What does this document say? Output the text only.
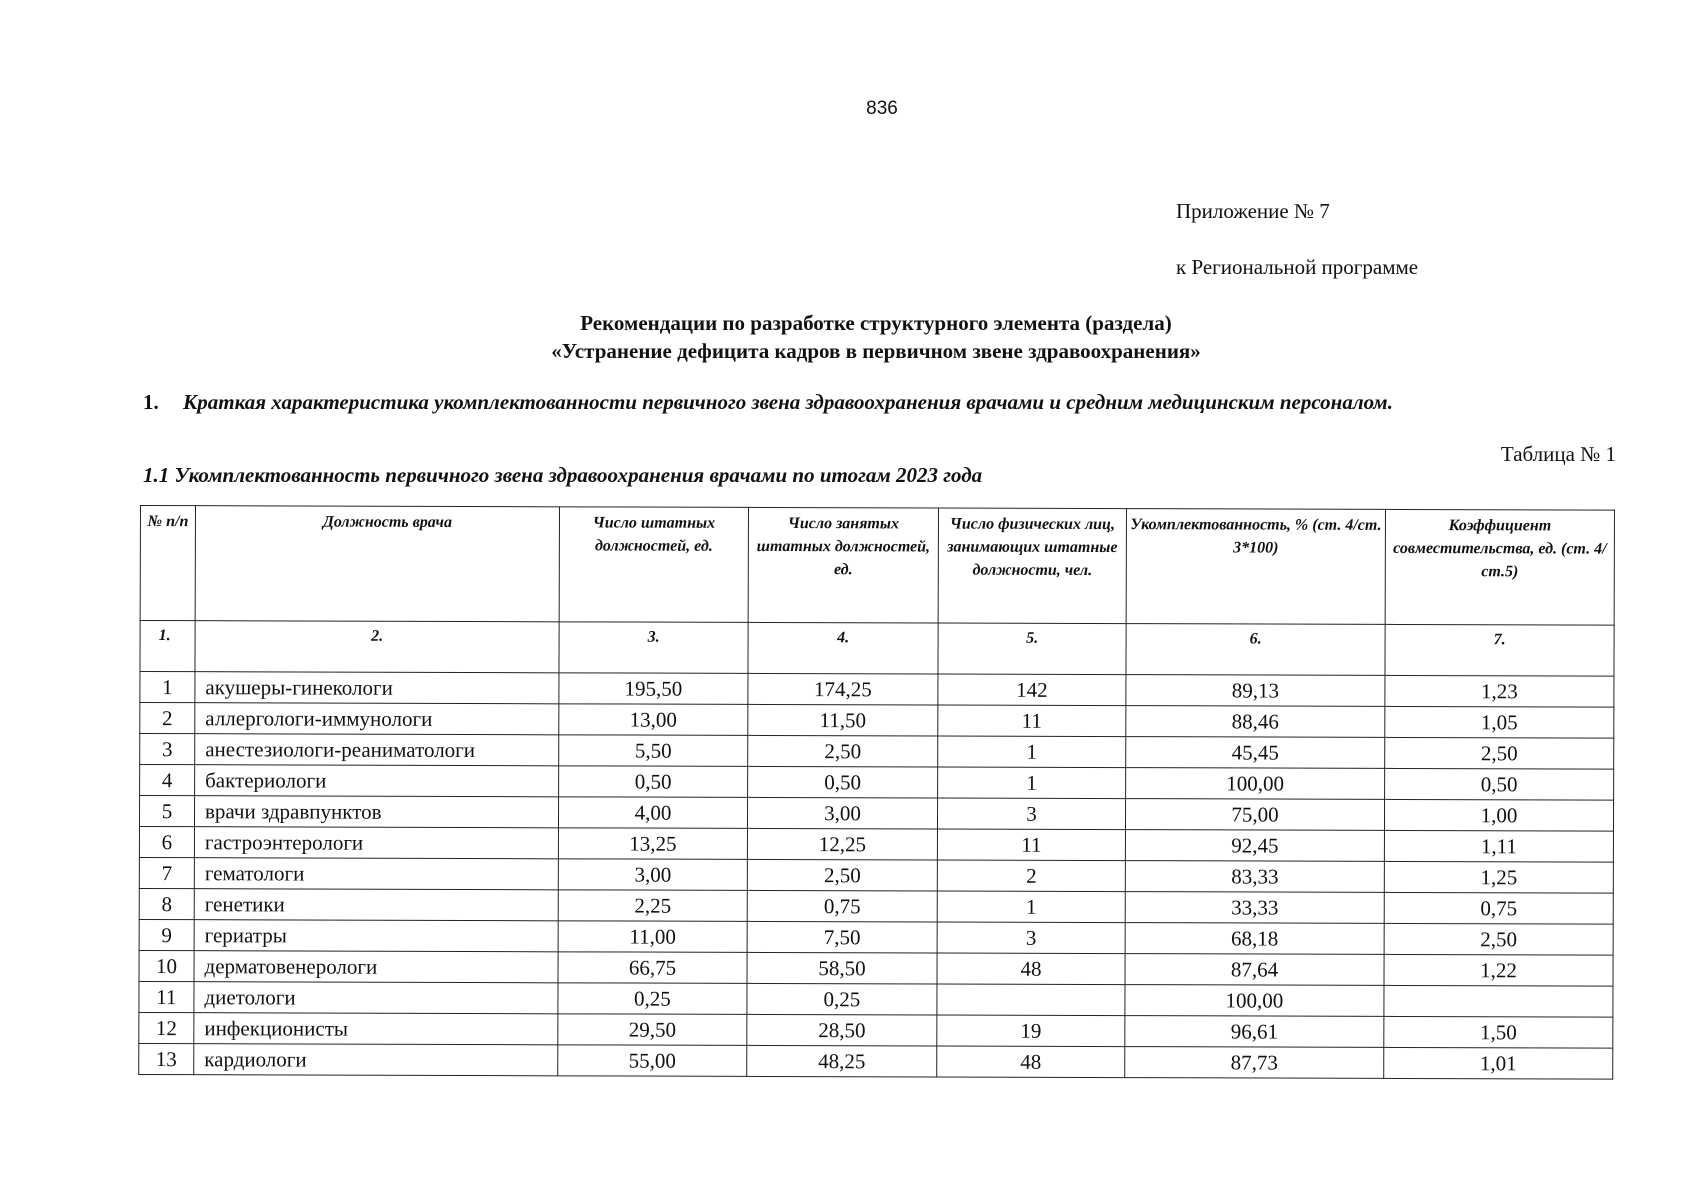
836
Приложение № 7
к Региональной программе
Рекомендации по разработке структурного элемента (раздела)
«Устранение дефицита кадров в первичном звене здравоохранения»
1. Краткая характеристика укомплектованности первичного звена здравоохранения врачами и средним медицинским персоналом.
Таблица № 1
1.1 Укомплектованность первичного звена здравоохранения врачами по итогам 2023 года
№ п/п	Должность врача	Число штатных должностей, ед.	Число занятых штатных должностей, ед.	Число физических лиц, занимающих штатные должности, чел.	Укомплектованность, % (ст. 4/ст. 3*100)	Коэффициент совместительства, ед. (ст. 4/ст.5)
1.	2.	3.	4.	5.	6.	7.
1	акушеры-гинекологи	195,50	174,25	142	89,13	1,23
2	аллергологи-иммунологи	13,00	11,50	11	88,46	1,05
3	анестезиологи-реаниматологи	5,50	2,50	1	45,45	2,50
4	бактериологи	0,50	0,50	1	100,00	0,50
5	врачи здравпунктов	4,00	3,00	3	75,00	1,00
6	гастроэнтерологи	13,25	12,25	11	92,45	1,11
7	гематологи	3,00	2,50	2	83,33	1,25
8	генетики	2,25	0,75	1	33,33	0,75
9	гериатры	11,00	7,50	3	68,18	2,50
10	дерматовенерологи	66,75	58,50	48	87,64	1,22
11	диетологи	0,25	0,25		100,00	
12	инфекционисты	29,50	28,50	19	96,61	1,50
13	кардиологи	55,00	48,25	48	87,73	1,01
